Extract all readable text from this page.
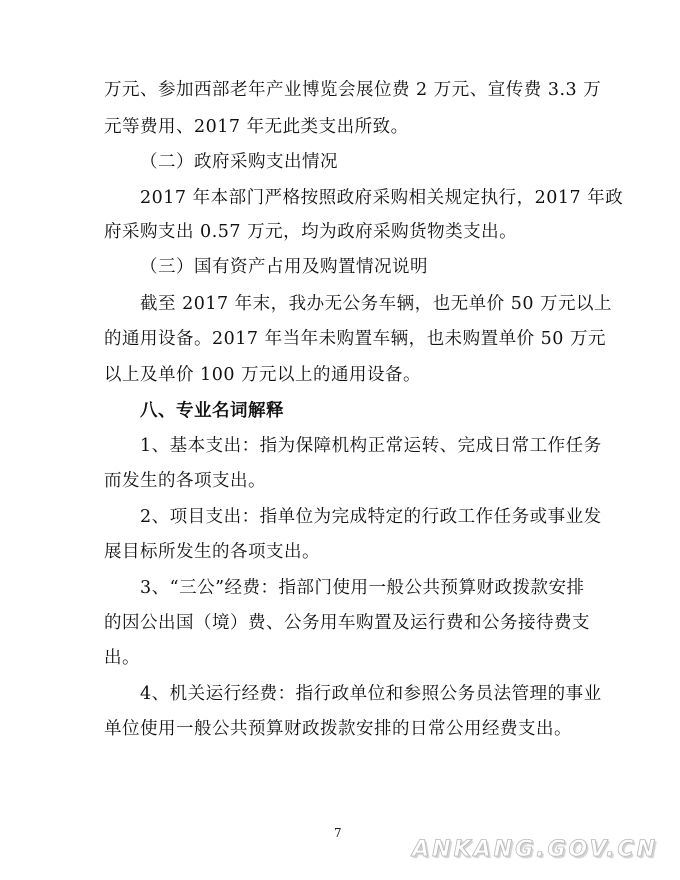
万元、参加西部老年产业博览会展位费 2 万元、宣传费 3.3 万
元等费用、2017 年无此类支出所致。
（二）政府采购支出情况
2017 年本部门严格按照政府采购相关规定执行，2017 年政
府采购支出 0.57 万元，均为政府采购货物类支出。
（三）国有资产占用及购置情况说明
截至 2017 年末，我办无公务车辆，也无单价 50 万元以上
的通用设备。2017 年当年未购置车辆，也未购置单价 50 万元
以上及单价 100 万元以上的通用设备。
八、专业名词解释
1、基本支出：指为保障机构正常运转、完成日常工作任务
而发生的各项支出。
2、项目支出：指单位为完成特定的行政工作任务或事业发
展目标所发生的各项支出。
3、“三公”经费：指部门使用一般公共预算财政拨款安排
的因公出国（境）费、公务用车购置及运行费和公务接待费支
出。
4、机关运行经费：指行政单位和参照公务员法管理的事业
单位使用一般公共预算财政拨款安排的日常公用经费支出。
7
ANKANG.GOV.CN
